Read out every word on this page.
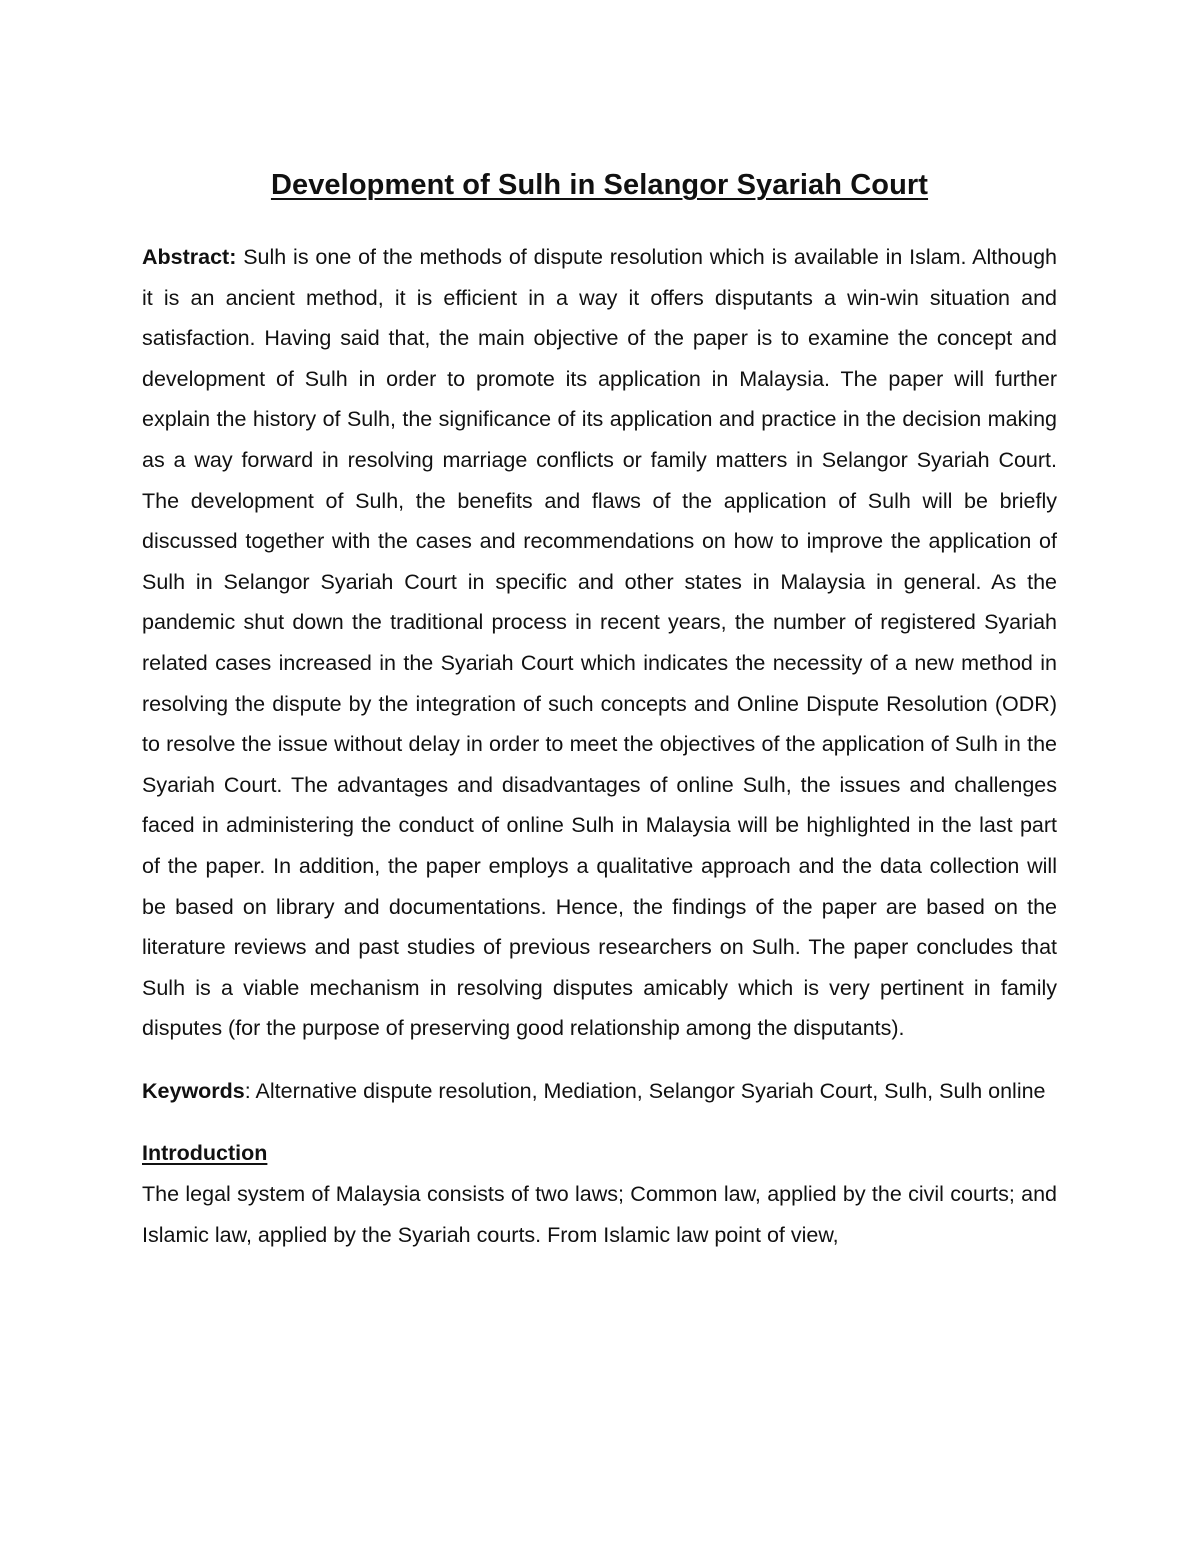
Development of Sulh in Selangor Syariah Court

Abstract: Sulh is one of the methods of dispute resolution which is available in Islam. Although it is an ancient method, it is efficient in a way it offers disputants a win-win situation and satisfaction. Having said that, the main objective of the paper is to examine the concept and development of Sulh in order to promote its application in Malaysia. The paper will further explain the history of Sulh, the significance of its application and practice in the decision making as a way forward in resolving marriage conflicts or family matters in Selangor Syariah Court. The development of Sulh, the benefits and flaws of the application of Sulh will be briefly discussed together with the cases and recommendations on how to improve the application of Sulh in Selangor Syariah Court in specific and other states in Malaysia in general. As the pandemic shut down the traditional process in recent years, the number of registered Syariah related cases increased in the Syariah Court which indicates the necessity of a new method in resolving the dispute by the integration of such concepts and Online Dispute Resolution (ODR) to resolve the issue without delay in order to meet the objectives of the application of Sulh in the Syariah Court. The advantages and disadvantages of online Sulh, the issues and challenges faced in administering the conduct of online Sulh in Malaysia will be highlighted in the last part of the paper. In addition, the paper employs a qualitative approach and the data collection will be based on library and documentations. Hence, the findings of the paper are based on the literature reviews and past studies of previous researchers on Sulh. The paper concludes that Sulh is a viable mechanism in resolving disputes amicably which is very pertinent in family disputes (for the purpose of preserving good relationship among the disputants).

Keywords: Alternative dispute resolution, Mediation, Selangor Syariah Court, Sulh, Sulh online

Introduction

The legal system of Malaysia consists of two laws; Common law, applied by the civil courts; and Islamic law, applied by the Syariah courts. From Islamic law point of view,
